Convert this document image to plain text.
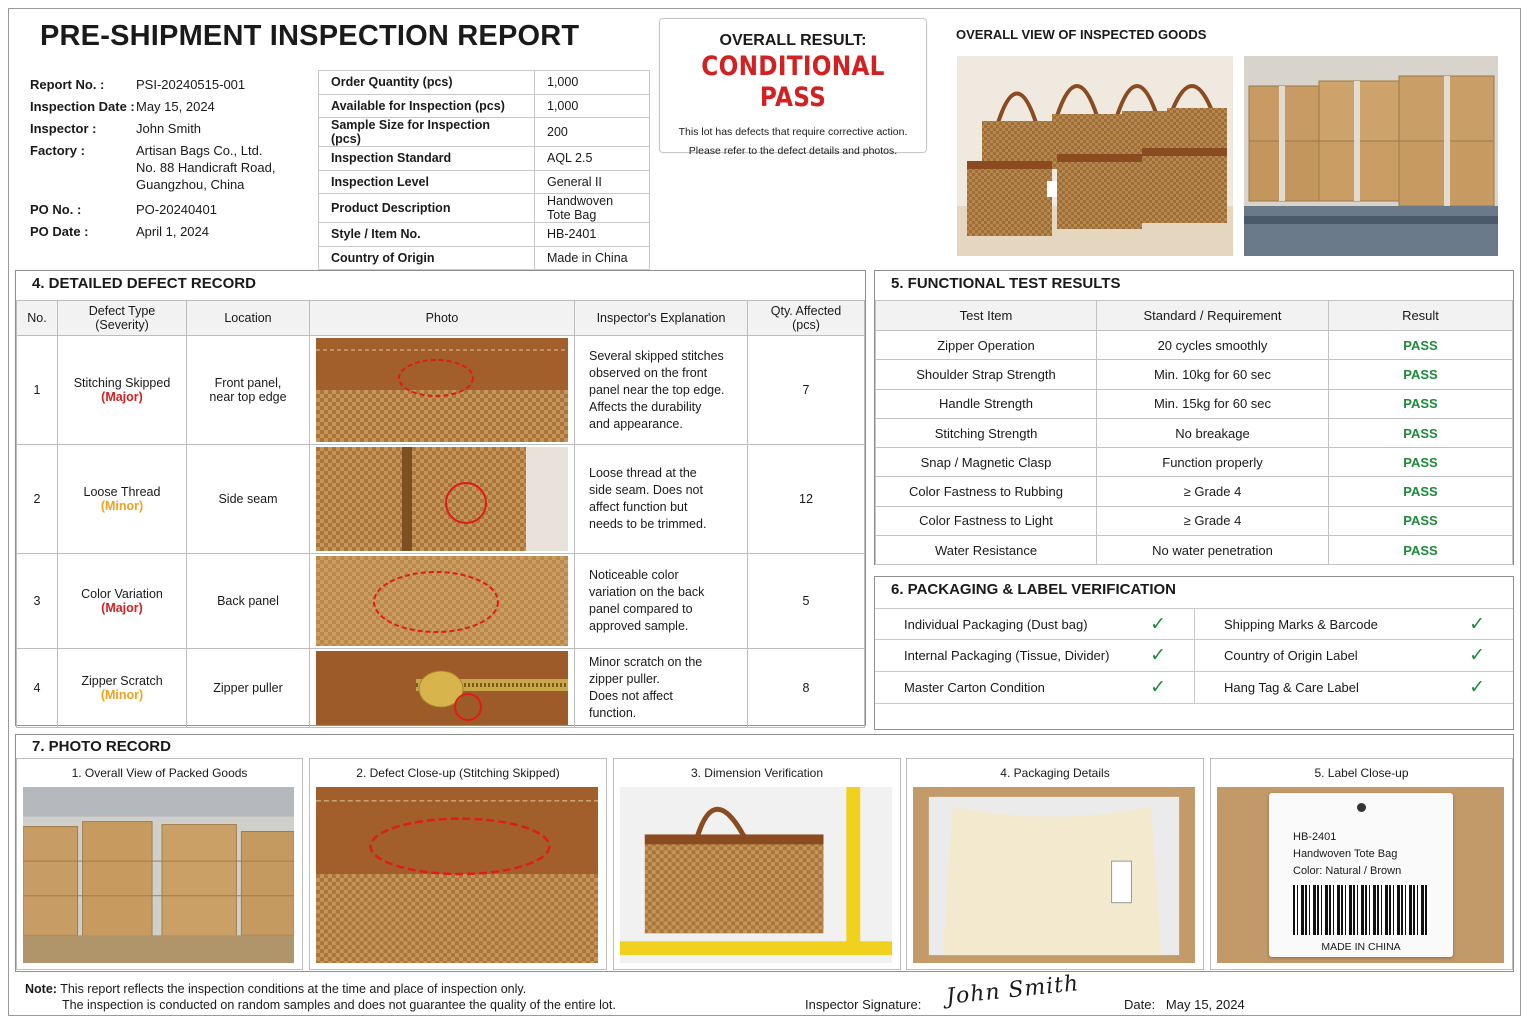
PRE-SHIPMENT INSPECTION REPORT
Report No. :	PSI-20240515-001
Inspection Date : May 15, 2024
Inspector :	John Smith
Factory :	Artisan Bags Co., Ltd.
No. 88 Handicraft Road,
Guangzhou, China
PO No. :	PO-20240401
PO Date :	April 1, 2024
Order Quantity (pcs)	1,000
Available for Inspection (pcs)	1,000
Sample Size for Inspection (pcs)	200
Inspection Standard	AQL 2.5
Inspection Level	General II
Product Description	Handwoven Tote Bag
Style / Item No.	HB-2401
Country of Origin	Made in China
OVERALL RESULT:
CONDITIONAL PASS
This lot has defects that require corrective action.
Please refer to the defect details and photos.
OVERALL VIEW OF INSPECTED GOODS
4. DETAILED DEFECT RECORD
No.	Defect Type
(Severity)	Location	Photo	Inspector's Explanation	Qty. Affected
(pcs)

1	Stitching Skipped
(Major)	Front panel,
near top edge		Several skipped stitches
observed on the front
panel near the top edge.
Affects the durability
and appearance.	7
2	Loose Thread
(Minor)	Side seam		Loose thread at the
side seam. Does not
affect function but
needs to be trimmed.	12
3	Color Variation
(Major)	Back panel		Noticeable color
variation on the back
panel compared to
approved sample.	5
4	Zipper Scratch
(Minor)	Zipper puller		Minor scratch on the
zipper puller.
Does not affect
function.	8
5. FUNCTIONAL TEST RESULTS
Test Item	Standard / Requirement	Result
Zipper Operation	20 cycles smoothly	PASS
Shoulder Strap Strength	Min. 10kg for 60 sec	PASS
Handle Strength	Min. 15kg for 60 sec	PASS
Stitching Strength	No breakage	PASS
Snap / Magnetic Clasp	Function properly	PASS
Color Fastness to Rubbing	≥ Grade 4	PASS
Color Fastness to Light	≥ Grade 4	PASS
Water Resistance	No water penetration	PASS
6. PACKAGING & LABEL VERIFICATION
Individual Packaging (Dust bag)	✓	Shipping Marks & Barcode	✓
Internal Packaging (Tissue, Divider) ✓	Country of Origin Label	✓
Master Carton Condition	✓	Hang Tag & Care Label	✓
7. PHOTO RECORD
1. Overall View of Packed Goods	2. Defect Close-up (Stitching Skipped)	3. Dimension Verification	4. Packaging Details	5. Label Close-up
HB-2401
Handwoven Tote Bag
Color: Natural / Brown
MADE IN CHINA
Note: This report reflects the inspection conditions at the time and place of inspection only.
The inspection is conducted on random samples and does not guarantee the quality of the entire lot.	Inspector Signature: John Smith	Date: May 15, 2024
